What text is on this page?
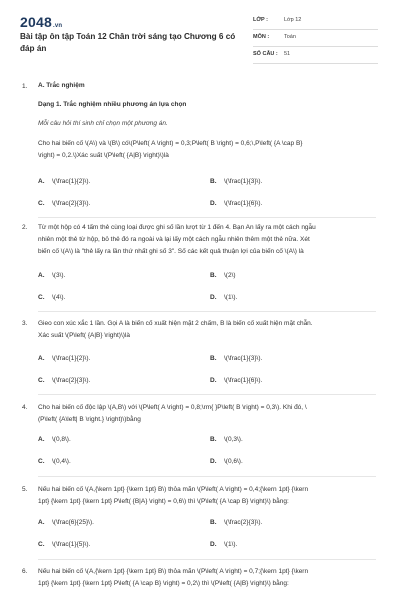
2048.vn
Bài tập ôn tập Toán 12 Chân trời sáng tạo Chương 6 có đáp án
LỚP :	Lớp 12
MÔN :	Toán
SỐ CÂU : 51
1. A. Trắc nghiệm
Dạng 1. Trắc nghiệm nhiều phương án lựa chọn
Mỗi câu hỏi thí sinh chỉ chọn một phương án.
Cho hai biến cố \(A\) và \(B\) có\(P\left( A \right) = 0,3;P\left( B \right) = 0,6;\,P\left( {A \cap B}
\right) = 0,2.\)Xác suất \(P\left( {A|B} \right)\)là
A. \(\frac{1}{2}\).	B. \(\frac{1}{3}\).
C. \(\frac{2}{3}\).	D. \(\frac{1}{6}\).
2. Từ một hộp có 4 tấm thẻ cùng loại được ghi số lần lượt từ 1 đến 4. Bạn An lấy ra một cách ngẫu
nhiên một thẻ từ hộp, bỏ thẻ đó ra ngoài và lại lấy một cách ngẫu nhiên thêm một thẻ nữa. Xét
biến cố \(A\) là "thẻ lấy ra lần thứ nhất ghi số 3". Số các kết quả thuận lợi của biến cố \(A\) là
A. \(3\).	B. \(2\)
C. \(4\).	D. \(1\).
3. Gieo con xúc xắc 1 lần. Gọi A là biến cố xuất hiện mặt 2 chấm, B là biến cố xuất hiện mặt chẵn.
Xác suất \(P\left( {A|B} \right)\)là
A. \(\frac{1}{2}\).	B. \(\frac{1}{3}\).
C. \(\frac{2}{3}\).	D. \(\frac{1}{6}\).
4. Cho hai biến cố độc lập \(A,B\) với \(P\left( A \right) = 0,8;\rm{ }P\left( B \right) = 0,3\). Khi đó, \
(P\left( {A\left| B \right.} \right)\)bằng
A. \(0,8\).	B. \(0,3\).
C. \(0,4\).	D. \(0,6\).
5. Nếu hai biến cố \(A,{\kern 1pt} {\kern 1pt} B\) thỏa mãn \(P\left( A \right) = 0,4;{\kern 1pt} {\kern
1pt} {\kern 1pt} {\kern 1pt} P\left( {B|A} \right) = 0,6\) thì \(P\left( {A \cap B} \right)\) bằng:
A. \(\frac{6}{25}\).	B. \(\frac{2}{3}\).
C. \(\frac{1}{5}\).	D. \(1\).
6. Nếu hai biến cố \(A,{\kern 1pt} {\kern 1pt} B\) thỏa mãn \(P\left( A \right) = 0,7;{\kern 1pt} {\kern
1pt} {\kern 1pt} {\kern 1pt} P\left( {A \cap B} \right) = 0,2\) thì \(P\left( {A|B} \right)\) bằng:
